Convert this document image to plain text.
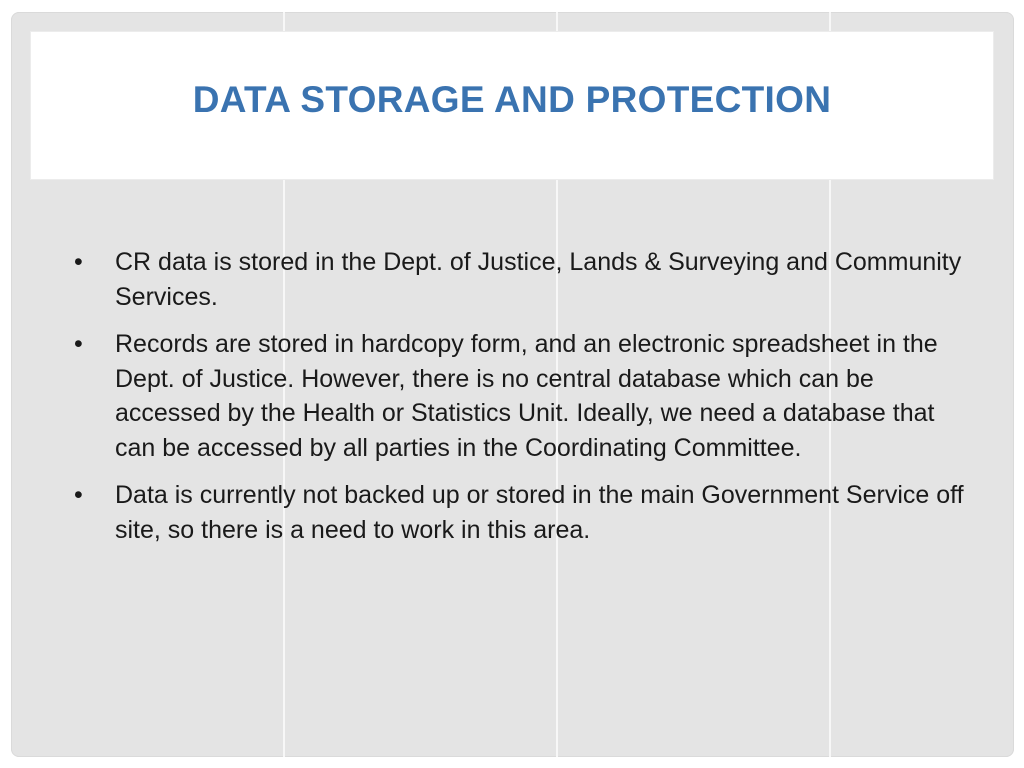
DATA STORAGE AND PROTECTION
• CR data is stored in the Dept. of Justice, Lands & Surveying and Community Services.
• Records are stored in hardcopy form, and an electronic spreadsheet in the Dept. of Justice. However, there is no central database which can be accessed by the Health or Statistics Unit. Ideally, we need a database that can be accessed by all parties in the Coordinating Committee.
• Data is currently not backed up or stored in the main Government Service off site, so there is a need to work in this area.
